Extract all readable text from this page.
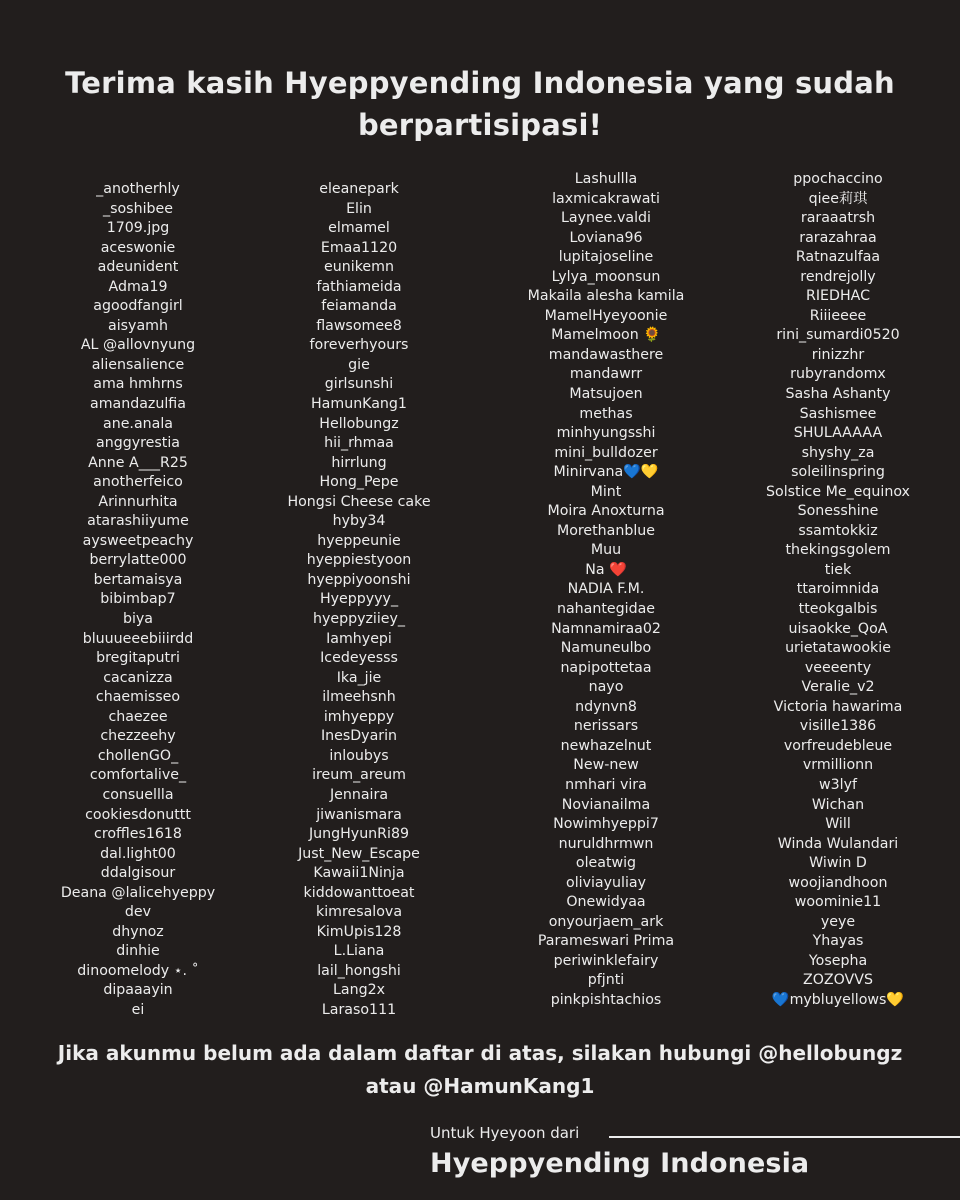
Terima kasih Hyeppyending Indonesia yang sudah berpartisipasi!
_anotherhly
_soshibee
1709.jpg
aceswonie
adeunident
Adma19
agoodfangirl
aisyamh
AL @allovnyung
aliensalience
ama hmhrns
amandazulfia
ane.anala
anggyrestia
Anne A___R25
anotherfeico
Arinnurhita
atarashiiyume
aysweetpeachy
berrylatte000
bertamaisya
bibimbap7
biya
bluuueeebiiirdd
bregitaputri
cacanizza
chaemisseo
chaezee
chezzeehy
chollenGO_
comfortalive_
consuellla
cookiesdonuttt
croffles1618
dal.light00
ddalgisour
Deana @lalicehyeppy
dev
dhynoz
dinhie
dinoomelody ⋆. ˚
dipaaayin
ei
eleanepark
Elin
elmamel
Emaa1120
eunikemn
fathiameida
feiamanda
flawsomee8
foreverhyours
gie
girlsunshi
HamunKang1
Hellobungz
hii_rhmaa
hirrlung
Hong_Pepe
Hongsi Cheese cake
hyby34
hyeppeunie
hyeppiestyoon
hyeppiyoonshi
Hyeppyyy_
hyeppyziiey_
Iamhyepi
Icedeyesss
Ika_jie
ilmeehsnh
imhyeppy
InesDyarin
inloubys
ireum_areum
Jennaira
jiwanismara
JungHyunRi89
Just_New_Escape
Kawaii1Ninja
kiddowanttoeat
kimresalova
KimUpis128
L.Liana
lail_hongshi
Lang2x
Laraso111
Lashullla
laxmicakrawati
Laynee.valdi
Loviana96
lupitajoseline
Lylya_moonsun
Makaila alesha kamila
MamelHyeyoonie
Mamelmoon 🌻
mandawasthere
mandawrr
Matsujoen
methas
minhyungsshi
mini_bulldozer
Minirvana💙💛
Mint
Moira Anoxturna
Morethanblue
Muu
Na ❤️
NADIA F.M.
nahantegidae
Namnamiraa02
Namuneulbo
napipottetaa
nayo
ndynvn8
nerissars
newhazelnut
New-new
nmhari vira
Novianailma
Nowimhyeppi7
nuruldhrmwn
oleatwig
oliviayuliay
Onewidyaa
onyourjaem_ark
Parameswari Prima
periwinklefairy
pfjnti
pinkpishtachios
ppochaccino
qiee莉琪
raraaatrsh
rarazahraa
Ratnazulfaa
rendrejolly
RIEDHAC
Riiieeee
rini_sumardi0520
rinizzhr
rubyrandomx
Sasha Ashanty
Sashismee
SHULAAAAA
shyshy_za
soleilinspring
Solstice Me_equinox
Sonesshine
ssamtokkiz
thekingsgolem
tiek
ttaroimnida
tteokgalbis
uisaokke_QoA
urietatawookie
veeeenty
Veralie_v2
Victoria hawarima
visille1386
vorfreudebleue
vrmillionn
w3lyf
Wichan
Will
Winda Wulandari
Wiwin D
woojiandhoon
woominie11
yeye
Yhayas
Yosepha
ZOZOVVS
💙mybluyellows💛
Jika akunmu belum ada dalam daftar di atas, silakan hubungi @hellobungz atau @HamunKang1
Untuk Hyeyoon dari
Hyeppyending Indonesia
